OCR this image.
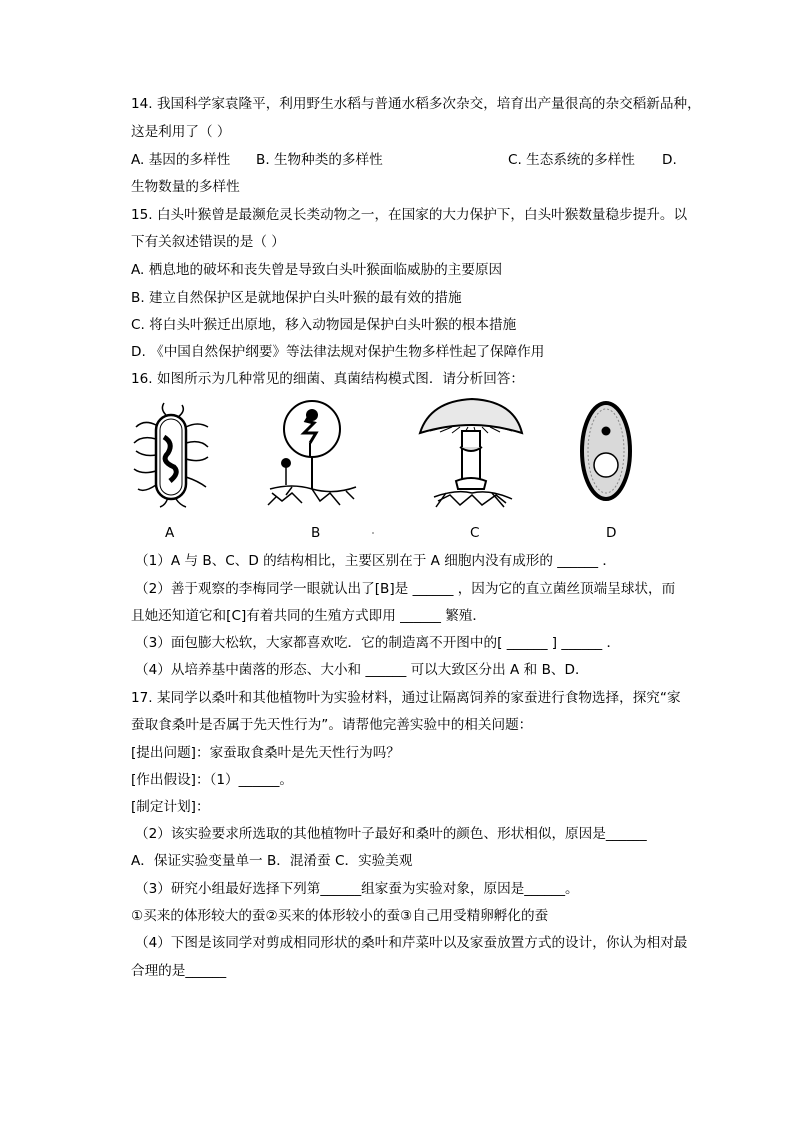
14. 我国科学家袁隆平，利用野生水稻与普通水稻多次杂交，培育出产量很高的杂交稻新品种，
这是利用了（ ）
A. 基因的多样性 B. 生物种类的多样性	C. 生态系统的多样性 D.
生物数量的多样性
15. 白头叶猴曾是最濒危灵长类动物之一，在国家的大力保护下，白头叶猴数量稳步提升。以
下有关叙述错误的是（ ）
A. 栖息地的破坏和丧失曾是导致白头叶猴面临威胁的主要原因
B. 建立自然保护区是就地保护白头叶猴的最有效的措施
C. 将白头叶猴迁出原地，移入动物园是保护白头叶猴的根本措施
D. 《中国自然保护纲要》等法律法规对保护生物多样性起了保障作用
16. 如图所示为几种常见的细菌、真菌结构模式图．请分析回答：
A	B	C	D
（1）A 与 B、C、D 的结构相比，主要区别在于 A 细胞内没有成形的 ______ ．
（2）善于观察的李梅同学一眼就认出了[B]是 ______ ，因为它的直立菌丝顶端呈球状，而
且她还知道它和[C]有着共同的生殖方式即用 ______ 繁殖．
（3）面包膨大松软，大家都喜欢吃．它的制造离不开图中的[ ______ ] ______ ．
（4）从培养基中菌落的形态、大小和 ______ 可以大致区分出 A 和 B、D．
17. 某同学以桑叶和其他植物叶为实验材料，通过让隔离饲养的家蚕进行食物选择，探究“家
蚕取食桑叶是否属于先天性行为”。请帮他完善实验中的相关问题：
[提出问题]：家蚕取食桑叶是先天性行为吗？
[作出假设]：（1）______。
[制定计划]：
（2）该实验要求所选取的其他植物叶子最好和桑叶的颜色、形状相似，原因是______
A．保证实验变量单一 B．混淆蚕 C．实验美观
（3）研究小组最好选择下列第______组家蚕为实验对象，原因是______。
①买来的体形较大的蚕②买来的体形较小的蚕③自己用受精卵孵化的蚕
（4）下图是该同学对剪成相同形状的桑叶和芹菜叶以及家蚕放置方式的设计，你认为相对最
合理的是______
